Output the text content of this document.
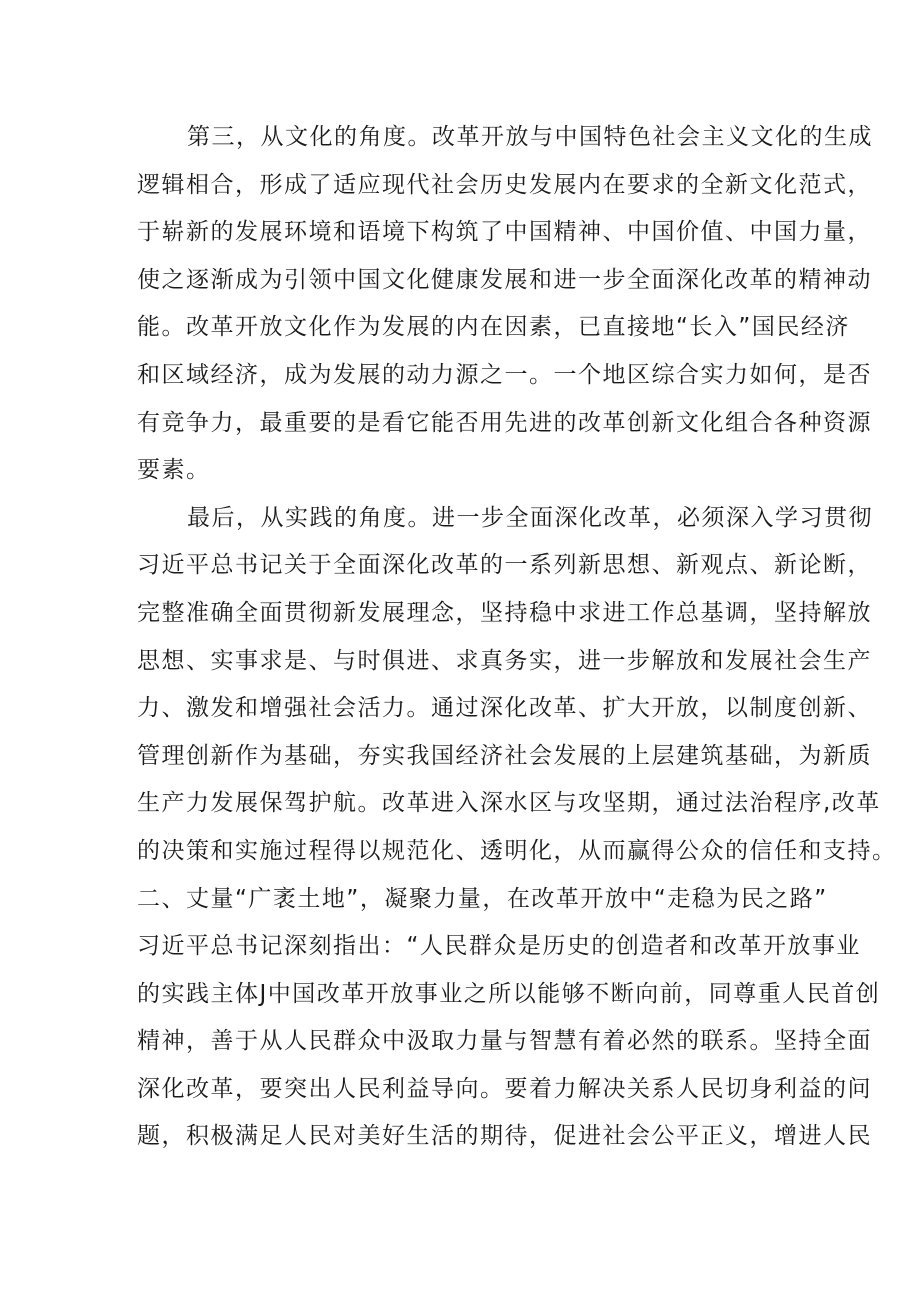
第三，从文化的角度。改革开放与中国特色社会主义文化的生成
逻辑相合，形成了适应现代社会历史发展内在要求的全新文化范式，
于崭新的发展环境和语境下构筑了中国精神、中国价值、中国力量，
使之逐渐成为引领中国文化健康发展和进一步全面深化改革的精神动
能。改革开放文化作为发展的内在因素，已直接地“长入”国民经济
和区域经济，成为发展的动力源之一。一个地区综合实力如何，是否
有竞争力，最重要的是看它能否用先进的改革创新文化组合各种资源
要素。
最后，从实践的角度。进一步全面深化改革，必须深入学习贯彻
习近平总书记关于全面深化改革的一系列新思想、新观点、新论断，
完整准确全面贯彻新发展理念，坚持稳中求进工作总基调，坚持解放
思想、实事求是、与时俱进、求真务实，进一步解放和发展社会生产
力、激发和增强社会活力。通过深化改革、扩大开放，以制度创新、
管理创新作为基础，夯实我国经济社会发展的上层建筑基础，为新质
生产力发展保驾护航。改革进入深水区与攻坚期，通过法治程序,改革
的决策和实施过程得以规范化、透明化，从而赢得公众的信任和支持。
二、丈量“广袤土地”，凝聚力量，在改革开放中“走稳为民之路”
习近平总书记深刻指出：“人民群众是历史的创造者和改革开放事业
的实践主体J中国改革开放事业之所以能够不断向前，同尊重人民首创
精神，善于从人民群众中汲取力量与智慧有着必然的联系。坚持全面
深化改革，要突出人民利益导向。要着力解决关系人民切身利益的问
题，积极满足人民对美好生活的期待，促进社会公平正义，增进人民
